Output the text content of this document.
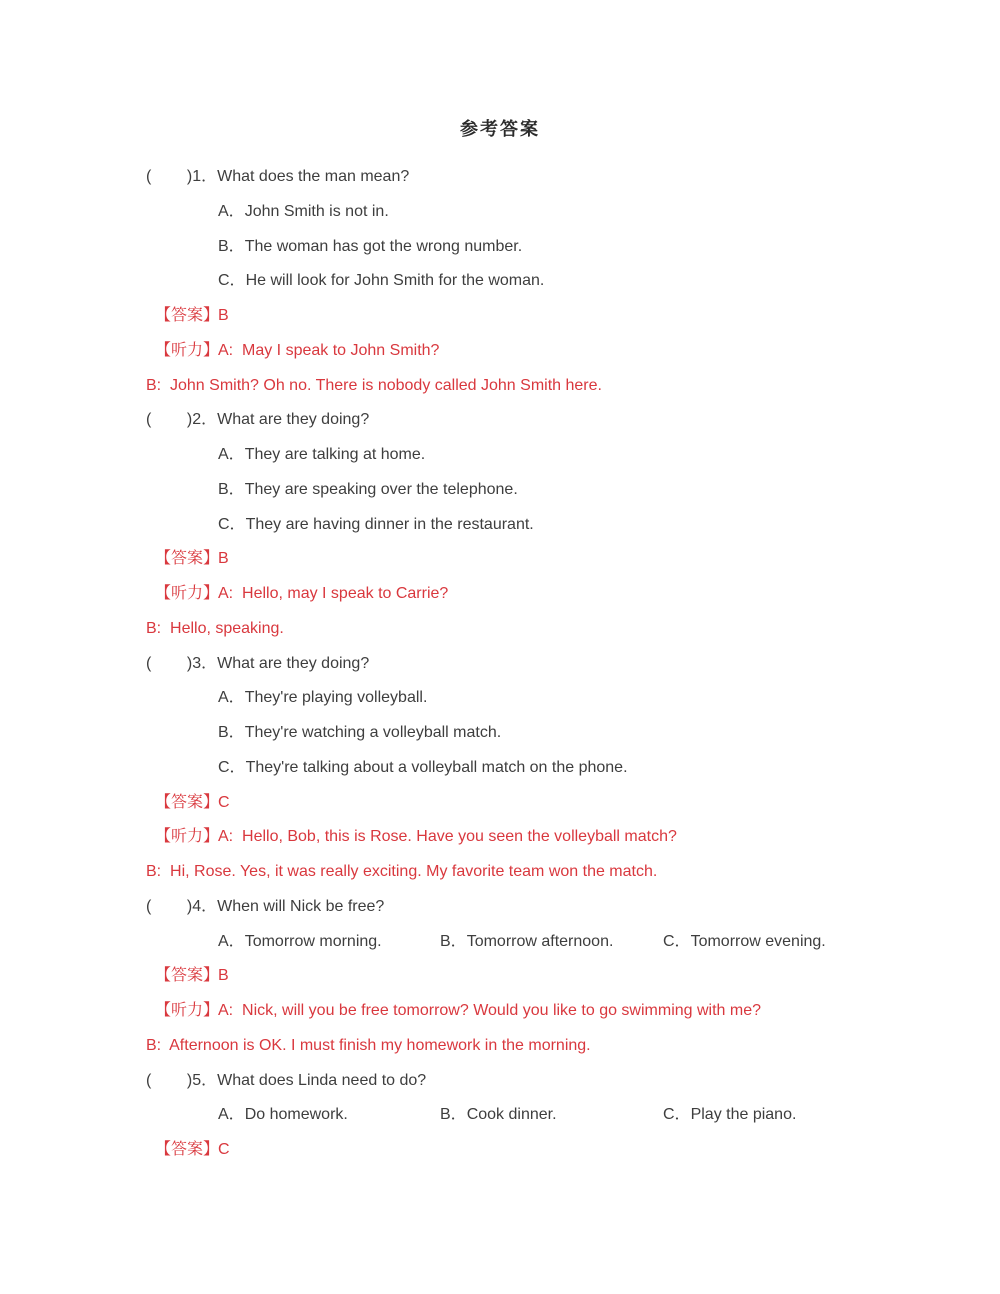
参考答案
(        )1．What does the man mean?
A．John Smith is not in.
B．The woman has got the wrong number.
C．He will look for John Smith for the woman.
【答案】B
【听力】A:  May I speak to John Smith?
B:  John Smith? Oh no. There is nobody called John Smith here.
(        )2．What are they doing?
A．They are talking at home.
B．They are speaking over the telephone.
C．They are having dinner in the restaurant.
【答案】B
【听力】A:  Hello, may I speak to Carrie?
B:  Hello, speaking.
(        )3．What are they doing?
A．They're playing volleyball.
B．They're watching a volleyball match.
C．They're talking about a volleyball match on the phone.
【答案】C
【听力】A:  Hello, Bob, this is Rose. Have you seen the volleyball match?
B:  Hi, Rose. Yes, it was really exciting. My favorite team won the match.
(        )4．When will Nick be free?
A．Tomorrow morning.	B．Tomorrow afternoon.	C．Tomorrow evening.
【答案】B
【听力】A:  Nick, will you be free tomorrow? Would you like to go swimming with me?
B:  Afternoon is OK. I must finish my homework in the morning.
(        )5．What does Linda need to do?
A．Do homework.	B．Cook dinner.	C．Play the piano.
【答案】C
